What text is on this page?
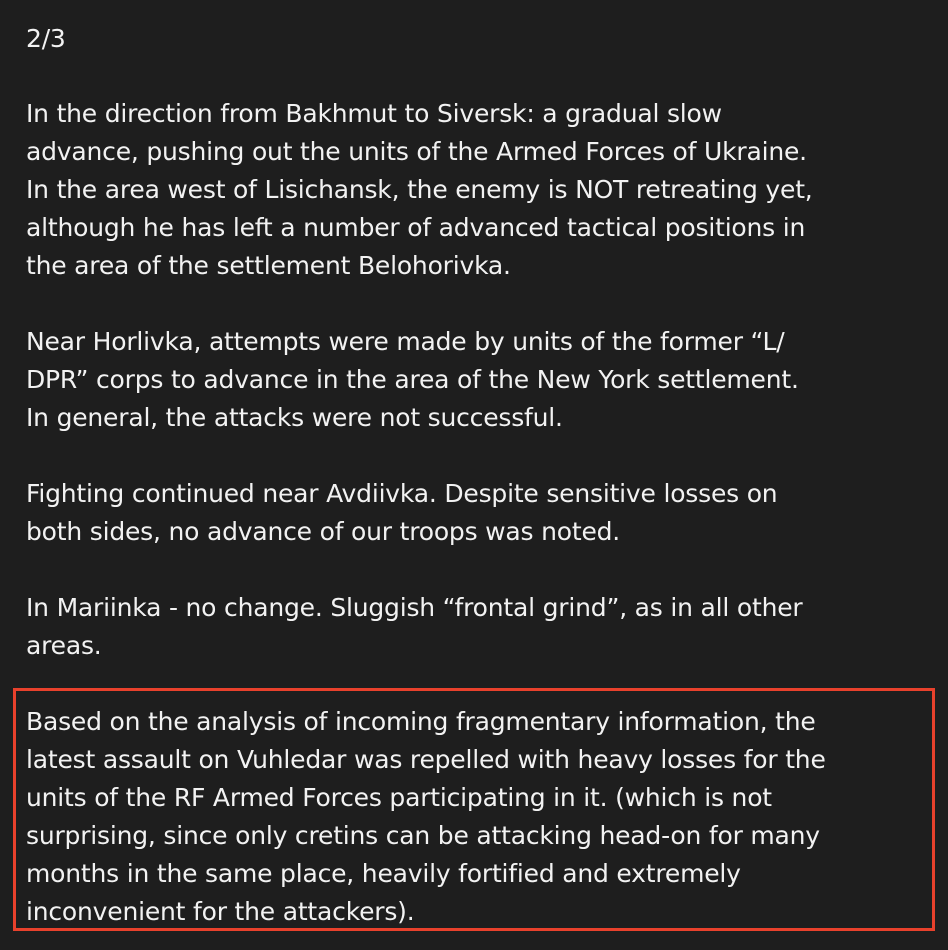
2/3

In the direction from Bakhmut to Siversk: a gradual slow
advance, pushing out the units of the Armed Forces of Ukraine.
In the area west of Lisichansk, the enemy is NOT retreating yet,
although he has left a number of advanced tactical positions in
the area of the settlement Belohorivka.

Near Horlivka, attempts were made by units of the former “L/
DPR” corps to advance in the area of the New York settlement.
In general, the attacks were not successful.

Fighting continued near Avdiivka. Despite sensitive losses on
both sides, no advance of our troops was noted.

In Mariinka - no change. Sluggish “frontal grind”, as in all other
areas.

Based on the analysis of incoming fragmentary information, the
latest assault on Vuhledar was repelled with heavy losses for the
units of the RF Armed Forces participating in it. (which is not
surprising, since only cretins can be attacking head-on for many
months in the same place, heavily fortified and extremely
inconvenient for the attackers).
